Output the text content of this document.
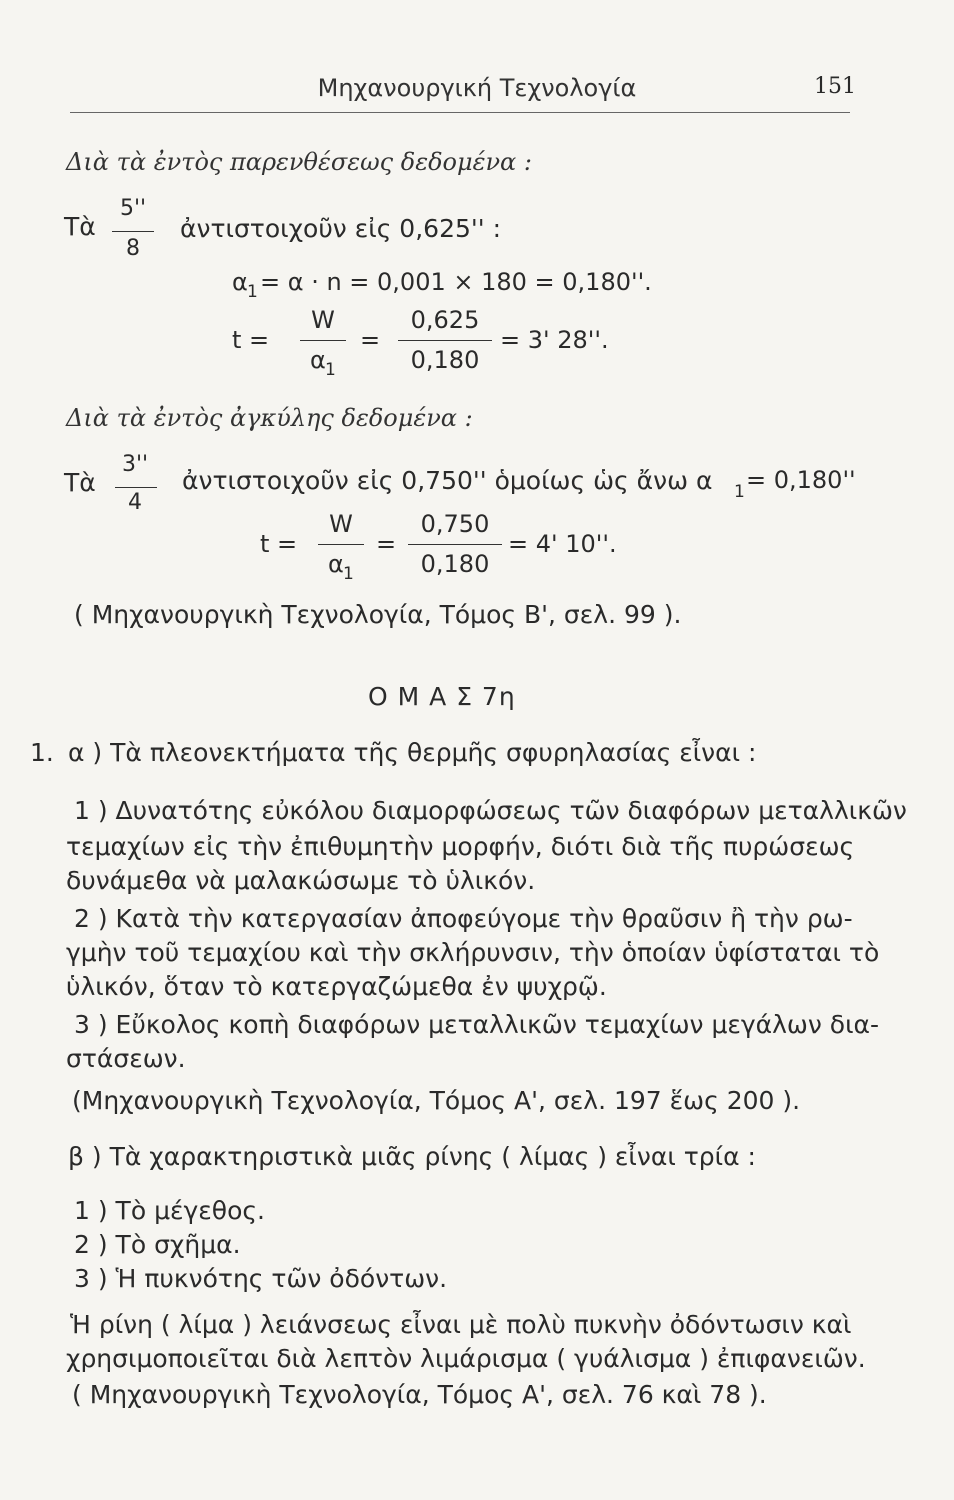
Μηχανουργική Τεχνολογία	151
Διὰ τὰ ἐντὸς παρενθέσεως δεδομένα :
Τὰ
5''
8
ἀντιστοιχοῦν εἰς 0,625'' :
α 1 = α · n = 0,001 × 180 = 0,180''.
t =
W
α 1
=
0,625
0,180
= 3' 28''.
Διὰ τὰ ἐντὸς ἀγκύλης δεδομένα :
Τὰ
3''
4
ἀντιστοιχοῦν εἰς 0,750'' ὁμοίως ὡς ἄνω α 1 = 0,180''
t =
W
α 1
=
0,750
0,180
= 4' 10''.
( Μηχανουργικὴ Τεχνολογία, Τόμος Β', σελ. 99 ).
Ο Μ Α Σ 7η
1. α ) Τὰ πλεονεκτήματα τῆς θερμῆς σφυρηλασίας εἶναι :
1 ) Δυνατότης εὐκόλου διαμορφώσεως τῶν διαφόρων μεταλλικῶν
τεμαχίων εἰς τὴν ἐπιθυμητὴν μορφήν, διότι διὰ τῆς πυρώσεως
δυνάμεθα νὰ μαλακώσωμε τὸ ὑλικόν.
2 ) Κατὰ τὴν κατεργασίαν ἀποφεύγομε τὴν θραῦσιν ἢ τὴν ρω-
γμὴν τοῦ τεμαχίου καὶ τὴν σκλήρυνσιν, τὴν ὁποίαν ὑφίσταται τὸ
ὑλικόν, ὅταν τὸ κατεργαζώμεθα ἐν ψυχρῷ.
3 ) Εὔκολος κοπὴ διαφόρων μεταλλικῶν τεμαχίων μεγάλων δια-
στάσεων.
(Μηχανουργικὴ Τεχνολογία, Τόμος Α', σελ. 197 ἕως 200 ).
β ) Τὰ χαρακτηριστικὰ μιᾶς ρίνης ( λίμας ) εἶναι τρία :
1 ) Τὸ μέγεθος.
2 ) Τὸ σχῆμα.
3 ) Ἡ πυκνότης τῶν ὀδόντων.
Ἡ ρίνη ( λίμα ) λειάνσεως εἶναι μὲ πολὺ πυκνὴν ὀδόντωσιν καὶ
χρησιμοποιεῖται διὰ λεπτὸν λιμάρισμα ( γυάλισμα ) ἐπιφανειῶν.
( Μηχανουργικὴ Τεχνολογία, Τόμος Α', σελ. 76 καὶ 78 ).
